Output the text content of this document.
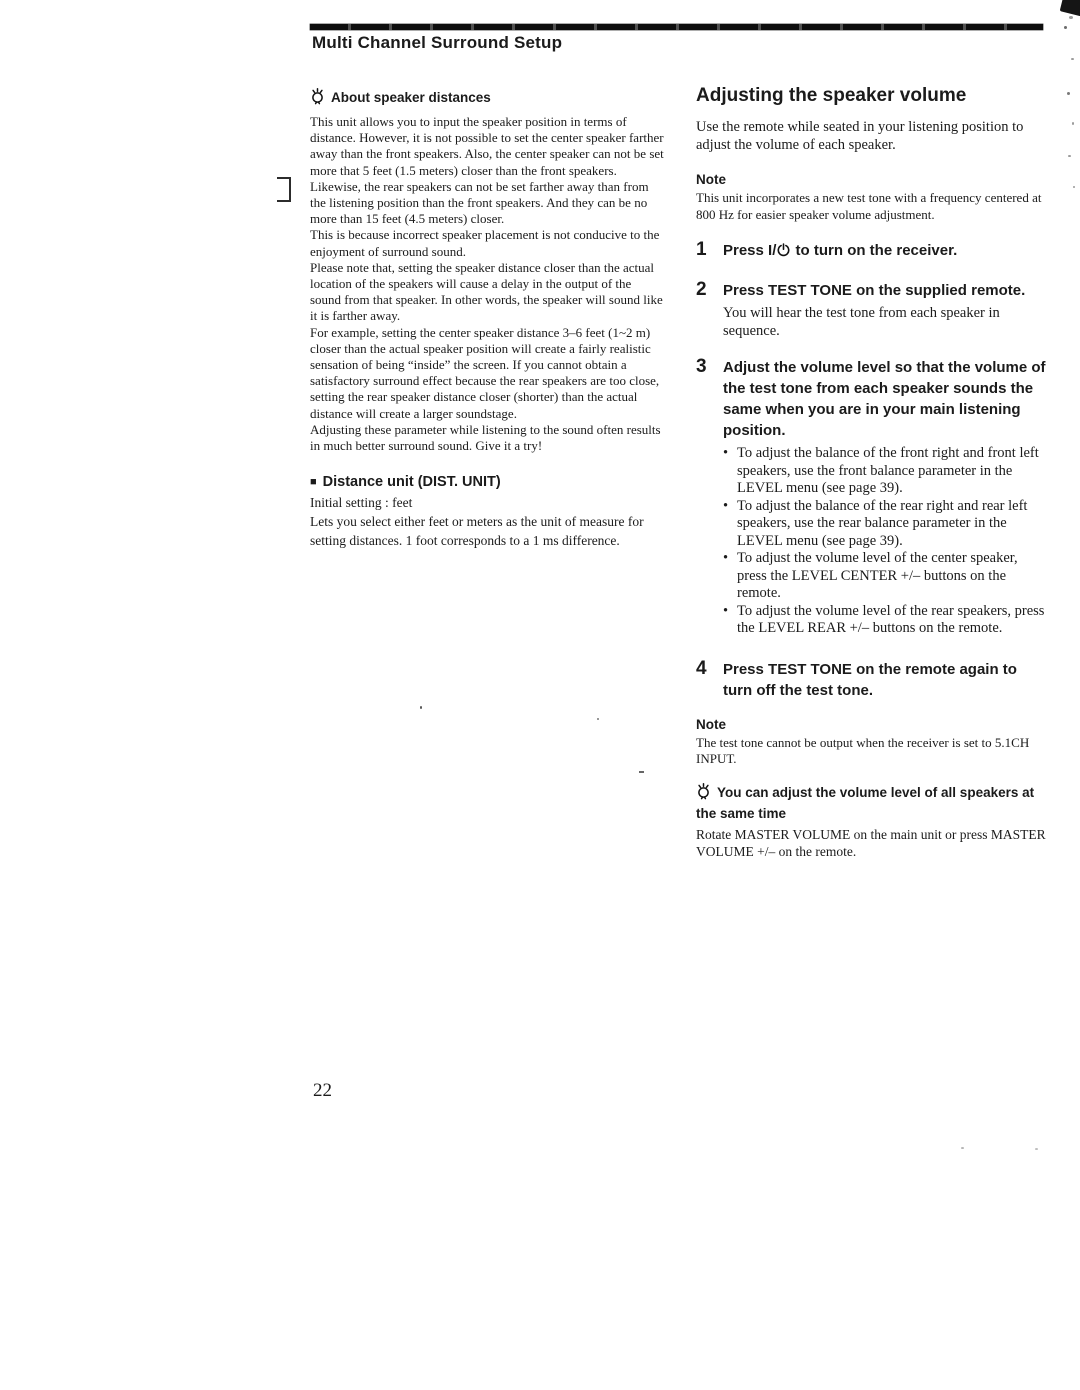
Multi Channel Surround Setup
About speaker distances

This unit allows you to input the speaker position in terms of distance. However, it is not possible to set the center speaker farther away than the front speakers. Also, the center speaker can not be set more that 5 feet (1.5 meters) closer than the front speakers.

Likewise, the rear speakers can not be set farther away than from the listening position than the front speakers. And they can be no more than 15 feet (4.5 meters) closer.

This is because incorrect speaker placement is not conducive to the enjoyment of surround sound.

Please note that, setting the speaker distance closer than the actual location of the speakers will cause a delay in the output of the sound from that speaker. In other words, the speaker will sound like it is farther away.

For example, setting the center speaker distance 3–6 feet (1~2 m) closer than the actual speaker position will create a fairly realistic sensation of being “inside” the screen. If you cannot obtain a satisfactory surround effect because the rear speakers are too close, setting the rear speaker distance closer (shorter) than the actual distance will create a larger soundstage.

Adjusting these parameter while listening to the sound often results in much better surround sound. Give it a try!

■ Distance unit (DIST. UNIT)

Initial setting : feet

Lets you select either feet or meters as the unit of measure for setting distances. 1 foot corresponds to a 1 ms difference.

Adjusting the speaker volume

Use the remote while seated in your listening position to adjust the volume of each speaker.

Note

This unit incorporates a new test tone with a frequency centered at 800 Hz for easier speaker volume adjustment.

1	Press I/ to turn on the receiver.
2	Press TEST TONE on the supplied remote.

You will hear the test tone from each speaker in sequence.

3	Adjust the volume level so that the volume of the test tone from each speaker sounds the same when you are in your main listening position.
• To adjust the balance of the front right and front left speakers, use the front balance parameter in the LEVEL menu (see page 39).
• To adjust the balance of the rear right and rear left speakers, use the rear balance parameter in the LEVEL menu (see page 39).
• To adjust the volume level of the center speaker, press the LEVEL CENTER +/– buttons on the remote.
• To adjust the volume level of the rear speakers, press the LEVEL REAR +/– buttons on the remote.
4	Press TEST TONE on the remote again to turn off the test tone.
Note

The test tone cannot be output when the receiver is set to 5.1CH INPUT.

You can adjust the volume level of all speakers at the same time

Rotate MASTER VOLUME on the main unit or press MASTER VOLUME +/– on the remote.

22
